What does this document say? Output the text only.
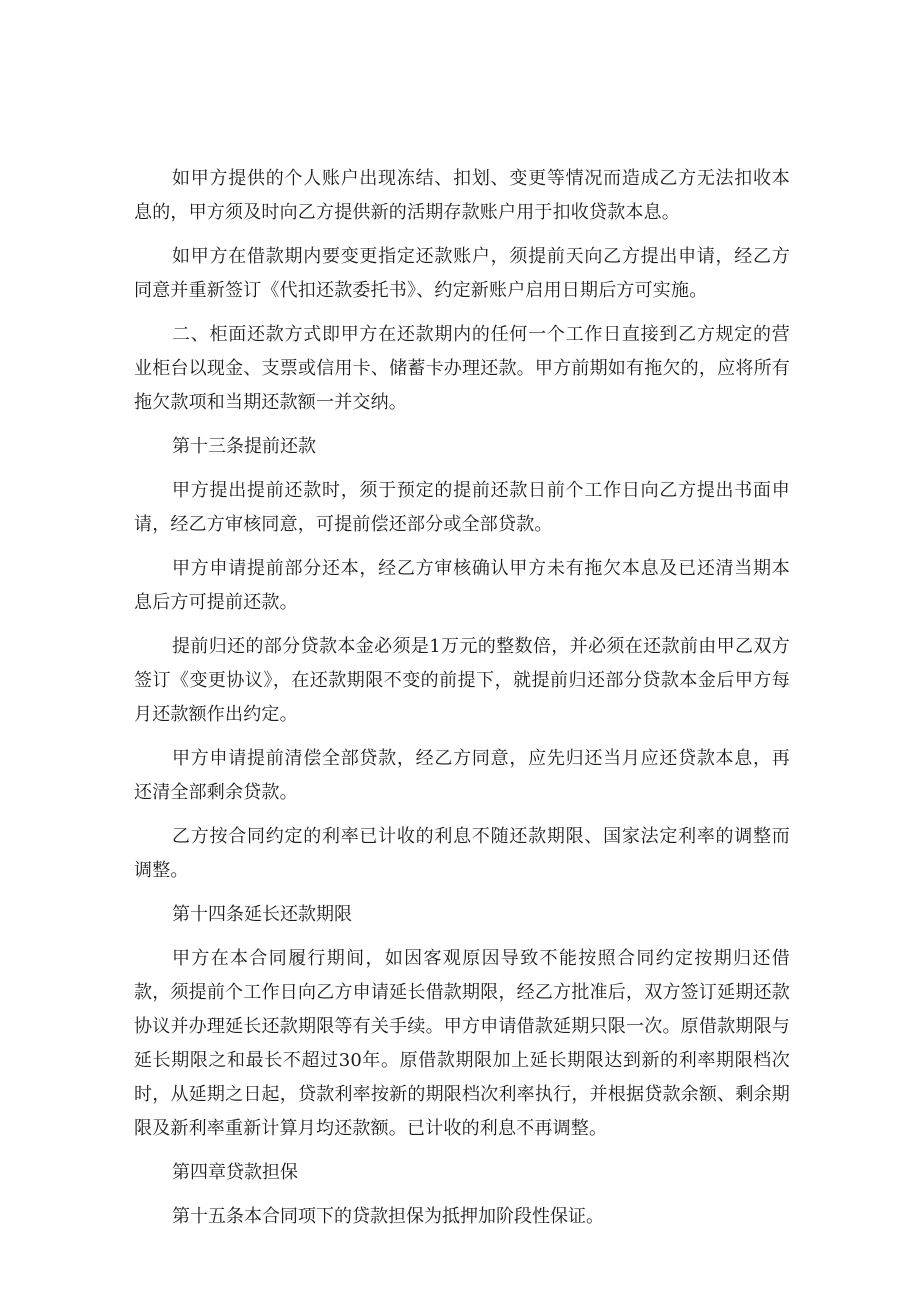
如甲方提供的个人账户出现冻结、扣划、变更等情况而造成乙方无法扣收本息的，甲方须及时向乙方提供新的活期存款账户用于扣收贷款本息。

如甲方在借款期内要变更指定还款账户，须提前天向乙方提出申请，经乙方同意并重新签订《代扣还款委托书》、约定新账户启用日期后方可实施。

二、柜面还款方式即甲方在还款期内的任何一个工作日直接到乙方规定的营业柜台以现金、支票或信用卡、储蓄卡办理还款。甲方前期如有拖欠的，应将所有拖欠款项和当期还款额一并交纳。

第十三条提前还款

甲方提出提前还款时，须于预定的提前还款日前个工作日向乙方提出书面申请，经乙方审核同意，可提前偿还部分或全部贷款。

甲方申请提前部分还本，经乙方审核确认甲方未有拖欠本息及已还清当期本息后方可提前还款。

提前归还的部分贷款本金必须是1万元的整数倍，并必须在还款前由甲乙双方签订《变更协议》，在还款期限不变的前提下，就提前归还部分贷款本金后甲方每月还款额作出约定。

甲方申请提前清偿全部贷款，经乙方同意，应先归还当月应还贷款本息，再还清全部剩余贷款。

乙方按合同约定的利率已计收的利息不随还款期限、国家法定利率的调整而调整。

第十四条延长还款期限

甲方在本合同履行期间，如因客观原因导致不能按照合同约定按期归还借款，须提前个工作日向乙方申请延长借款期限，经乙方批准后，双方签订延期还款协议并办理延长还款期限等有关手续。甲方申请借款延期只限一次。原借款期限与延长期限之和最长不超过30年。原借款期限加上延长期限达到新的利率期限档次时，从延期之日起，贷款利率按新的期限档次利率执行，并根据贷款余额、剩余期限及新利率重新计算月均还款额。已计收的利息不再调整。

第四章贷款担保

第十五条本合同项下的贷款担保为抵押加阶段性保证。
